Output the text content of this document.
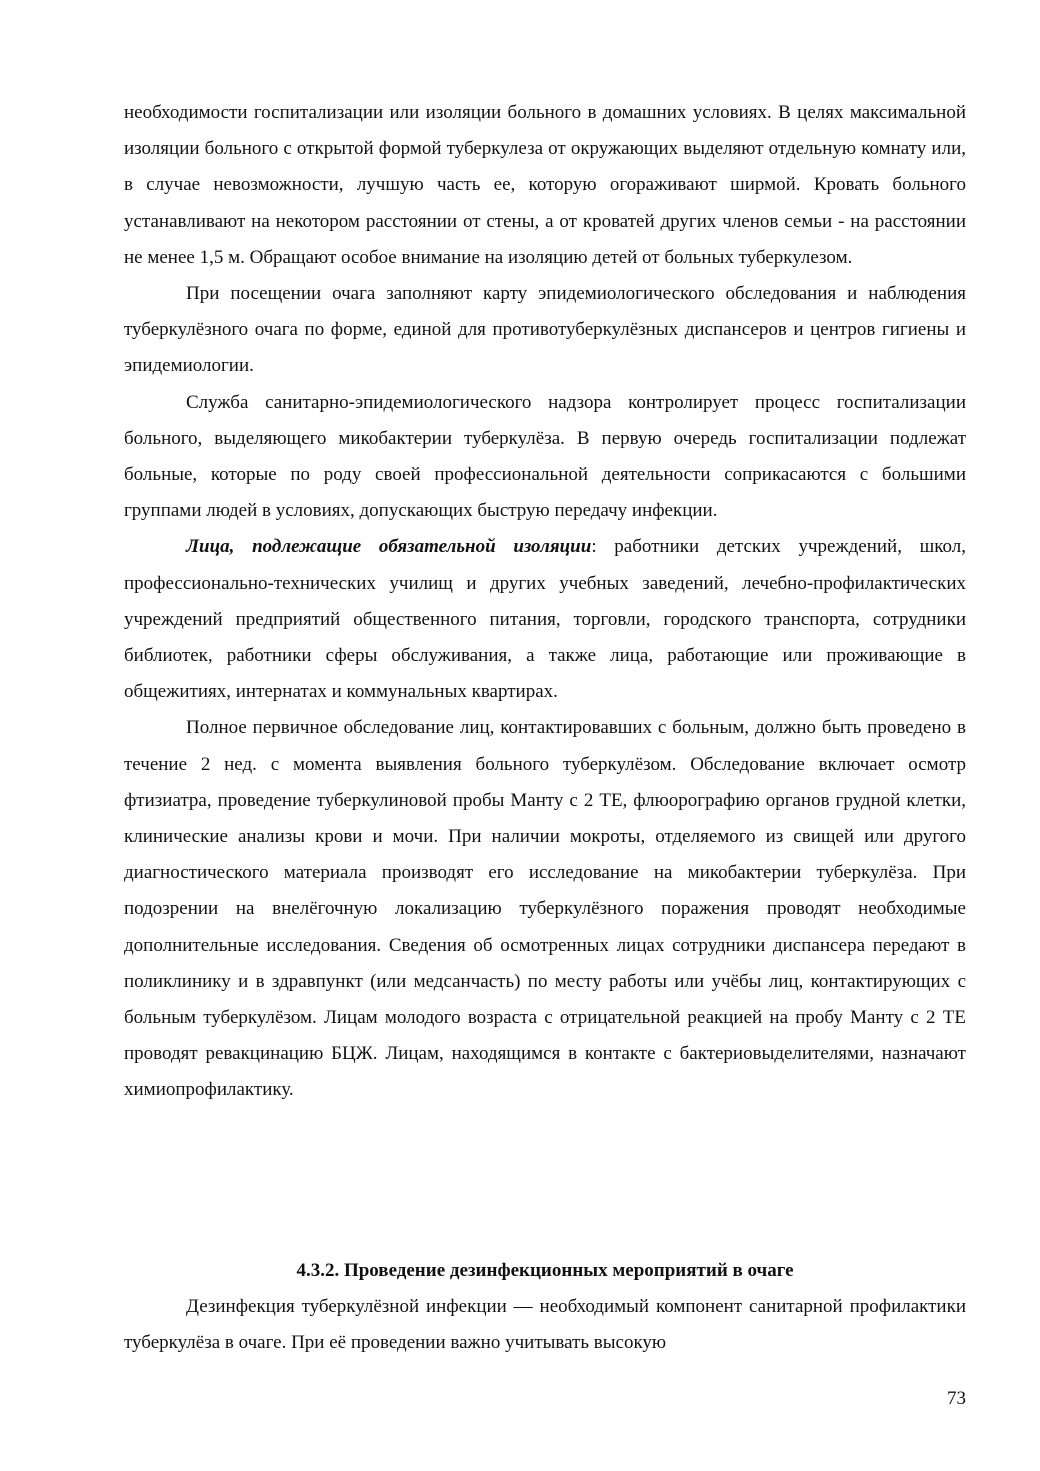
необходимости госпитализации или изоляции больного в домашних условиях. В целях максимальной изоляции больного с открытой формой туберкулеза от окружающих выделяют отдельную комнату или, в случае невозможности, лучшую часть ее, которую огораживают ширмой. Кровать больного устанавливают на некотором расстоянии от стены, а от кроватей других членов семьи - на расстоянии не менее 1,5 м. Обращают особое внимание на изоляцию детей от больных туберкулезом.

При посещении очага заполняют карту эпидемиологического обследования и наблюдения туберкулёзного очага по форме, единой для противотуберкулёзных диспансеров и центров гигиены и эпидемиологии.

Служба санитарно-эпидемиологического надзора контролирует процесс госпитализации больного, выделяющего микобактерии туберкулёза. В первую очередь госпитализации подлежат больные, которые по роду своей профессиональной деятельности соприкасаются с большими группами людей в условиях, допускающих быструю передачу инфекции.

Лица, подлежащие обязательной изоляции: работники детских учреждений, школ, профессионально-технических училищ и других учебных заведений, лечебно-профилактических учреждений предприятий общественного питания, торговли, городского транспорта, сотрудники библиотек, работники сферы обслуживания, а также лица, работающие или проживающие в общежитиях, интернатах и коммунальных квартирах.

Полное первичное обследование лиц, контактировавших с больным, должно быть проведено в течение 2 нед. с момента выявления больного туберкулёзом. Обследование включает осмотр фтизиатра, проведение туберкулиновой пробы Манту с 2 ТЕ, флюорографию органов грудной клетки, клинические анализы крови и мочи. При наличии мокроты, отделяемого из свищей или другого диагностического материала производят его исследование на микобактерии туберкулёза. При подозрении на внелёгочную локализацию туберкулёзного поражения проводят необходимые дополнительные исследования. Сведения об осмотренных лицах сотрудники диспансера передают в поликлинику и в здравпункт (или медсанчасть) по месту работы или учёбы лиц, контактирующих с больным туберкулёзом. Лицам молодого возраста с отрицательной реакцией на пробу Манту с 2 ТЕ проводят ревакцинацию БЦЖ. Лицам, находящимся в контакте с бактериовыделителями, назначают химиопрофилактику.

4.3.2. Проведение дезинфекционных мероприятий в очаге

Дезинфекция туберкулёзной инфекции — необходимый компонент санитарной профилактики туберкулёза в очаге. При её проведении важно учитывать высокую

73
